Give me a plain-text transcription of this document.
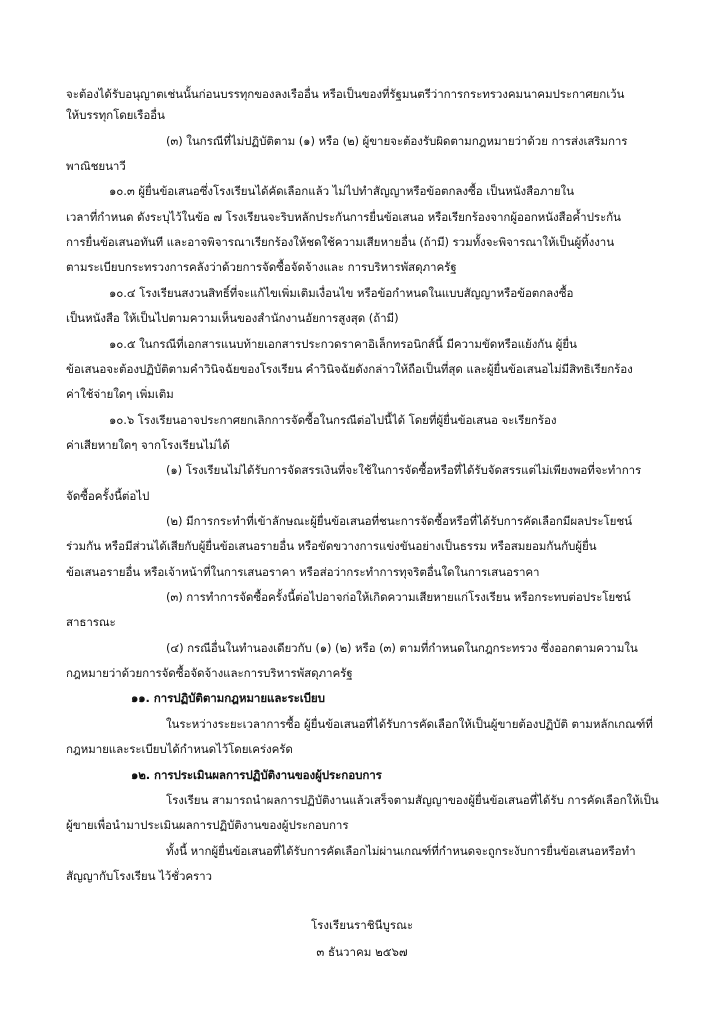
จะต้องได้รับอนุญาตเช่นนั้นก่อนบรรทุกของลงเรืออื่น หรือเป็นของที่รัฐมนตรีว่าการกระทรวงคมนาคมประกาศยกเว้น
ให้บรรทุกโดยเรืออื่น
(๓) ในกรณีที่ไม่ปฏิบัติตาม (๑) หรือ (๒) ผู้ขายจะต้องรับผิดตามกฎหมายว่าด้วย การส่งเสริมการ
พาณิชยนาวี
๑๐.๓ ผู้ยื่นข้อเสนอซึ่งโรงเรียนได้คัดเลือกแล้ว ไม่ไปทำสัญญาหรือข้อตกลงซื้อ เป็นหนังสือภายใน
เวลาที่กำหนด ดังระบุไว้ในข้อ ๗ โรงเรียนจะริบหลักประกันการยื่นข้อเสนอ หรือเรียกร้องจากผู้ออกหนังสือค้ำประกัน
การยื่นข้อเสนอทันที และอาจพิจารณาเรียกร้องให้ชดใช้ความเสียหายอื่น (ถ้ามี) รวมทั้งจะพิจารณาให้เป็นผู้ทิ้งงาน
ตามระเบียบกระทรวงการคลังว่าด้วยการจัดซื้อจัดจ้างและ การบริหารพัสดุภาครัฐ
๑๐.๔ โรงเรียนสงวนสิทธิ์ที่จะแก้ไขเพิ่มเติมเงื่อนไข หรือข้อกำหนดในแบบสัญญาหรือข้อตกลงซื้อ
เป็นหนังสือ ให้เป็นไปตามความเห็นของสำนักงานอัยการสูงสุด (ถ้ามี)
๑๐.๕ ในกรณีที่เอกสารแนบท้ายเอกสารประกวดราคาอิเล็กทรอนิกส์นี้ มีความขัดหรือแย้งกัน ผู้ยื่น
ข้อเสนอจะต้องปฏิบัติตามคำวินิจฉัยของโรงเรียน คำวินิจฉัยดังกล่าวให้ถือเป็นที่สุด และผู้ยื่นข้อเสนอไม่มีสิทธิเรียกร้อง
ค่าใช้จ่ายใดๆ เพิ่มเติม
๑๐.๖ โรงเรียนอาจประกาศยกเลิกการจัดซื้อในกรณีต่อไปนี้ได้ โดยที่ผู้ยื่นข้อเสนอ จะเรียกร้อง
ค่าเสียหายใดๆ จากโรงเรียนไม่ได้
(๑) โรงเรียนไม่ได้รับการจัดสรรเงินที่จะใช้ในการจัดซื้อหรือที่ได้รับจัดสรรแต่ไม่เพียงพอที่จะทำการ
จัดซื้อครั้งนี้ต่อไป
(๒) มีการกระทำที่เข้าลักษณะผู้ยื่นข้อเสนอที่ชนะการจัดซื้อหรือที่ได้รับการคัดเลือกมีผลประโยชน์
ร่วมกัน หรือมีส่วนได้เสียกับผู้ยื่นข้อเสนอรายอื่น หรือขัดขวางการแข่งขันอย่างเป็นธรรม หรือสมยอมกันกับผู้ยื่น
ข้อเสนอรายอื่น หรือเจ้าหน้าที่ในการเสนอราคา หรือส่อว่ากระทำการทุจริตอื่นใดในการเสนอราคา
(๓) การทำการจัดซื้อครั้งนี้ต่อไปอาจก่อให้เกิดความเสียหายแก่โรงเรียน หรือกระทบต่อประโยชน์
สาธารณะ
(๔) กรณีอื่นในทำนองเดียวกับ (๑) (๒) หรือ (๓) ตามที่กำหนดในกฎกระทรวง ซึ่งออกตามความใน
กฎหมายว่าด้วยการจัดซื้อจัดจ้างและการบริหารพัสดุภาครัฐ
๑๑. การปฏิบัติตามกฎหมายและระเบียบ
ในระหว่างระยะเวลาการซื้อ ผู้ยื่นข้อเสนอที่ได้รับการคัดเลือกให้เป็นผู้ขายต้องปฏิบัติ ตามหลักเกณฑ์ที่
กฎหมายและระเบียบได้กำหนดไว้โดยเคร่งครัด
๑๒. การประเมินผลการปฏิบัติงานของผู้ประกอบการ
โรงเรียน สามารถนำผลการปฏิบัติงานแล้วเสร็จตามสัญญาของผู้ยื่นข้อเสนอที่ได้รับ การคัดเลือกให้เป็น
ผู้ขายเพื่อนำมาประเมินผลการปฏิบัติงานของผู้ประกอบการ
ทั้งนี้ หากผู้ยื่นข้อเสนอที่ได้รับการคัดเลือกไม่ผ่านเกณฑ์ที่กำหนดจะถูกระงับการยื่นข้อเสนอหรือทำ
สัญญากับโรงเรียน ไว้ชั่วคราว
โรงเรียนราชินีบูรณะ
๓ ธันวาคม ๒๕๖๗
